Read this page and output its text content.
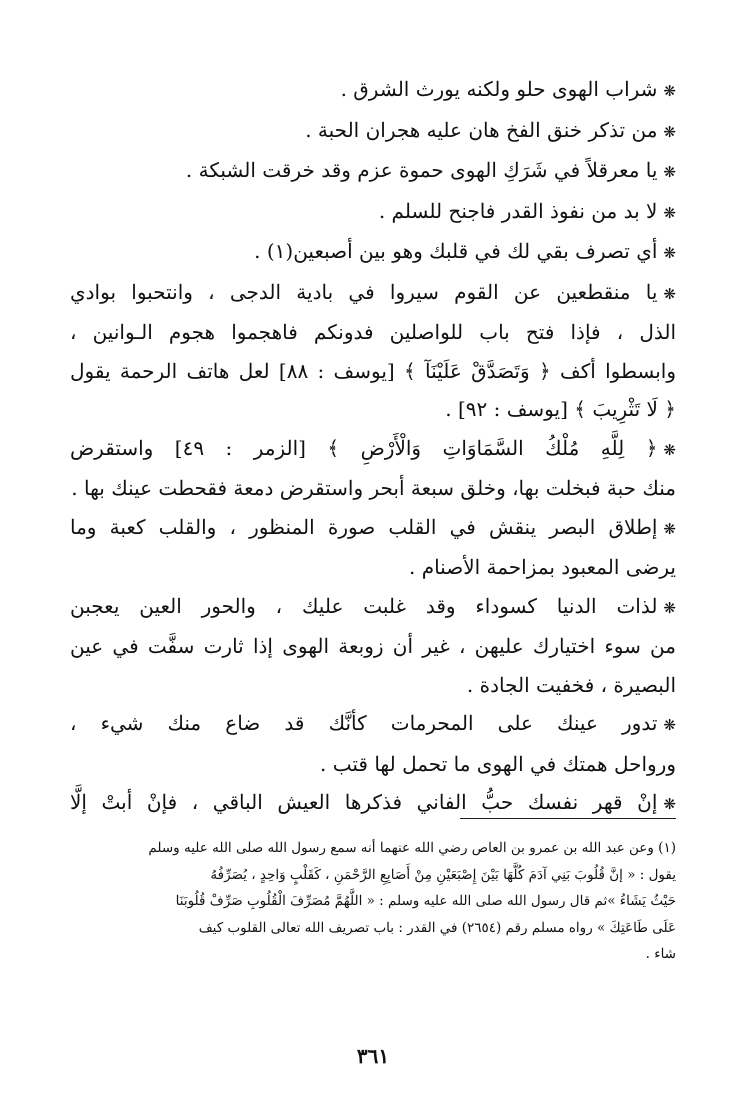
❋شراب الهوى حلو ولكنه يورث الشرق .
❋من تذكر خنق الفخ هان عليه هجران الحبة .
❋يا معرقلاً في شَرَكِ الهوى حموة عزم وقد خرقت الشبكة .
❋لا بد من نفوذ القدر فاجنح للسلم .
❋أي تصرف بقي لك في قلبك وهو بين أصبعين(١) .
❋يا منقطعين عن القوم سيروا في بادية الدجى ، وانتحبوا بوادي
الذل ، فإذا فتح باب للواصلين فدونكم فاهجموا هجوم الـوانين ،
وابسطوا أكف ﴿ وَتَصَدَّقْ عَلَيْنَآ ﴾ [يوسف : ٨٨] لعل هاتف الرحمة يقول
﴿ لَا تَثْرِيبَ ﴾ [يوسف : ٩٢] .
❋﴿ لِلَّهِ مُلْكُ السَّمَاوَاتِ وَالْأَرْضِ ﴾ [الزمر : ٤٩] واستقرض
منك حبة فبخلت بها، وخلق سبعة أبحر واستقرض دمعة فقحطت عينك بها .
❋إطلاق البصر ينقش في القلب صورة المنظور ، والقلب كعبة وما
يرضى المعبود بمزاحمة الأصنام .
❋لذات الدنيا كسوداء وقد غلبت عليك ، والحور العين يعجبن
من سوء اختيارك عليهن ، غير أن زوبعة الهوى إذا ثارت سفَّت في عين
البصيرة ، فخفيت الجادة .
❋تدور عينك على المحرمات كأنَّك قد ضاع منك شيء ،
ورواحل همتك في الهوى ما تحمل لها قتب .
❋إنْ قهر نفسك حبُّ الفاني فذكرها العيش الباقي ، فإنْ أبتْ إلَّا
(١) وعن عبد الله بن عمرو بن العاص رضي الله عنهما أنه سمع رسول الله صلى الله عليه وسلم
يقول : « إنَّ قُلُوبَ بَنِي آدَمَ كُلَّهَا بَيْنَ إِصْبَعَيْنِ مِنْ أَصَابِعِ الرَّحْمَنِ ، كَقَلْبٍ وَاحِدٍ ، يُصَرِّفُهُ
حَيْثُ يَشَاءُ »ثم قال رسول الله صلى الله عليه وسلم : « اللَّهُمَّ مُصَرِّفَ الْقُلُوبِ صَرِّفْ قُلُوبَنَا
عَلَى طَاعَتِكَ » رواه مسلم رقم (٢٦٥٤) في القدر : باب تصريف الله تعالى القلوب كيف
شاء .
٣٦١
